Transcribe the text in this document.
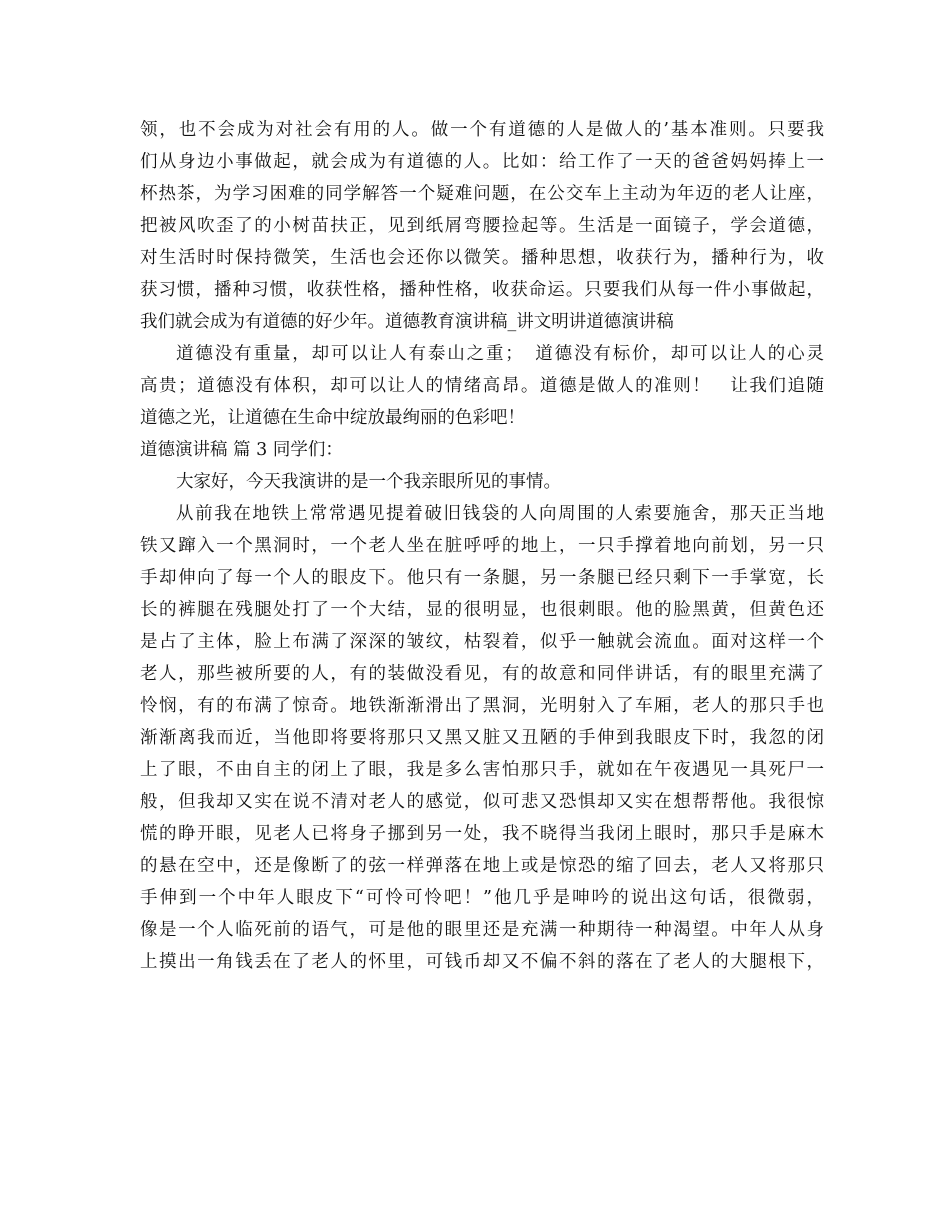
领，也不会成为对社会有用的人。做一个有道德的人是做人的’基本准则。只要我
们从身边小事做起，就会成为有道德的人。比如：给工作了一天的爸爸妈妈捧上一
杯热茶，为学习困难的同学解答一个疑难问题，在公交车上主动为年迈的老人让座，
把被风吹歪了的小树苗扶正，见到纸屑弯腰捡起等。生活是一面镜子，学会道德，
对生活时时保持微笑，生活也会还你以微笑。播种思想，收获行为，播种行为，收
获习惯，播种习惯，收获性格，播种性格，收获命运。只要我们从每一件小事做起，
我们就会成为有道德的好少年。道德教育演讲稿_讲文明讲道德演讲稿
道德没有重量，却可以让人有泰山之重；　道德没有标价，却可以让人的心灵
高贵；道德没有体积，却可以让人的情绪高昂。道德是做人的准则！　让我们追随
道德之光，让道德在生命中绽放最绚丽的色彩吧！
道德演讲稿 篇 3 同学们：
大家好，今天我演讲的是一个我亲眼所见的事情。
从前我在地铁上常常遇见提着破旧钱袋的人向周围的人索要施舍，那天正当地
铁又蹿入一个黑洞时，一个老人坐在脏呼呼的地上，一只手撑着地向前划，另一只
手却伸向了每一个人的眼皮下。他只有一条腿，另一条腿已经只剩下一手掌宽，长
长的裤腿在残腿处打了一个大结，显的很明显，也很刺眼。他的脸黑黄，但黄色还
是占了主体，脸上布满了深深的皱纹，枯裂着，似乎一触就会流血。面对这样一个
老人，那些被所要的人，有的装做没看见，有的故意和同伴讲话，有的眼里充满了
怜悯，有的布满了惊奇。地铁渐渐滑出了黑洞，光明射入了车厢，老人的那只手也
渐渐离我而近，当他即将要将那只又黑又脏又丑陋的手伸到我眼皮下时，我忽的闭
上了眼，不由自主的闭上了眼，我是多么害怕那只手，就如在午夜遇见一具死尸一
般，但我却又实在说不清对老人的感觉，似可悲又恐惧却又实在想帮帮他。我很惊
慌的睁开眼，见老人已将身子挪到另一处，我不晓得当我闭上眼时，那只手是麻木
的悬在空中，还是像断了的弦一样弹落在地上或是惊恐的缩了回去，老人又将那只
手伸到一个中年人眼皮下“可怜可怜吧！”他几乎是呻吟的说出这句话，很微弱，
像是一个人临死前的语气，可是他的眼里还是充满一种期待一种渴望。中年人从身
上摸出一角钱丢在了老人的怀里，可钱币却又不偏不斜的落在了老人的大腿根下，
